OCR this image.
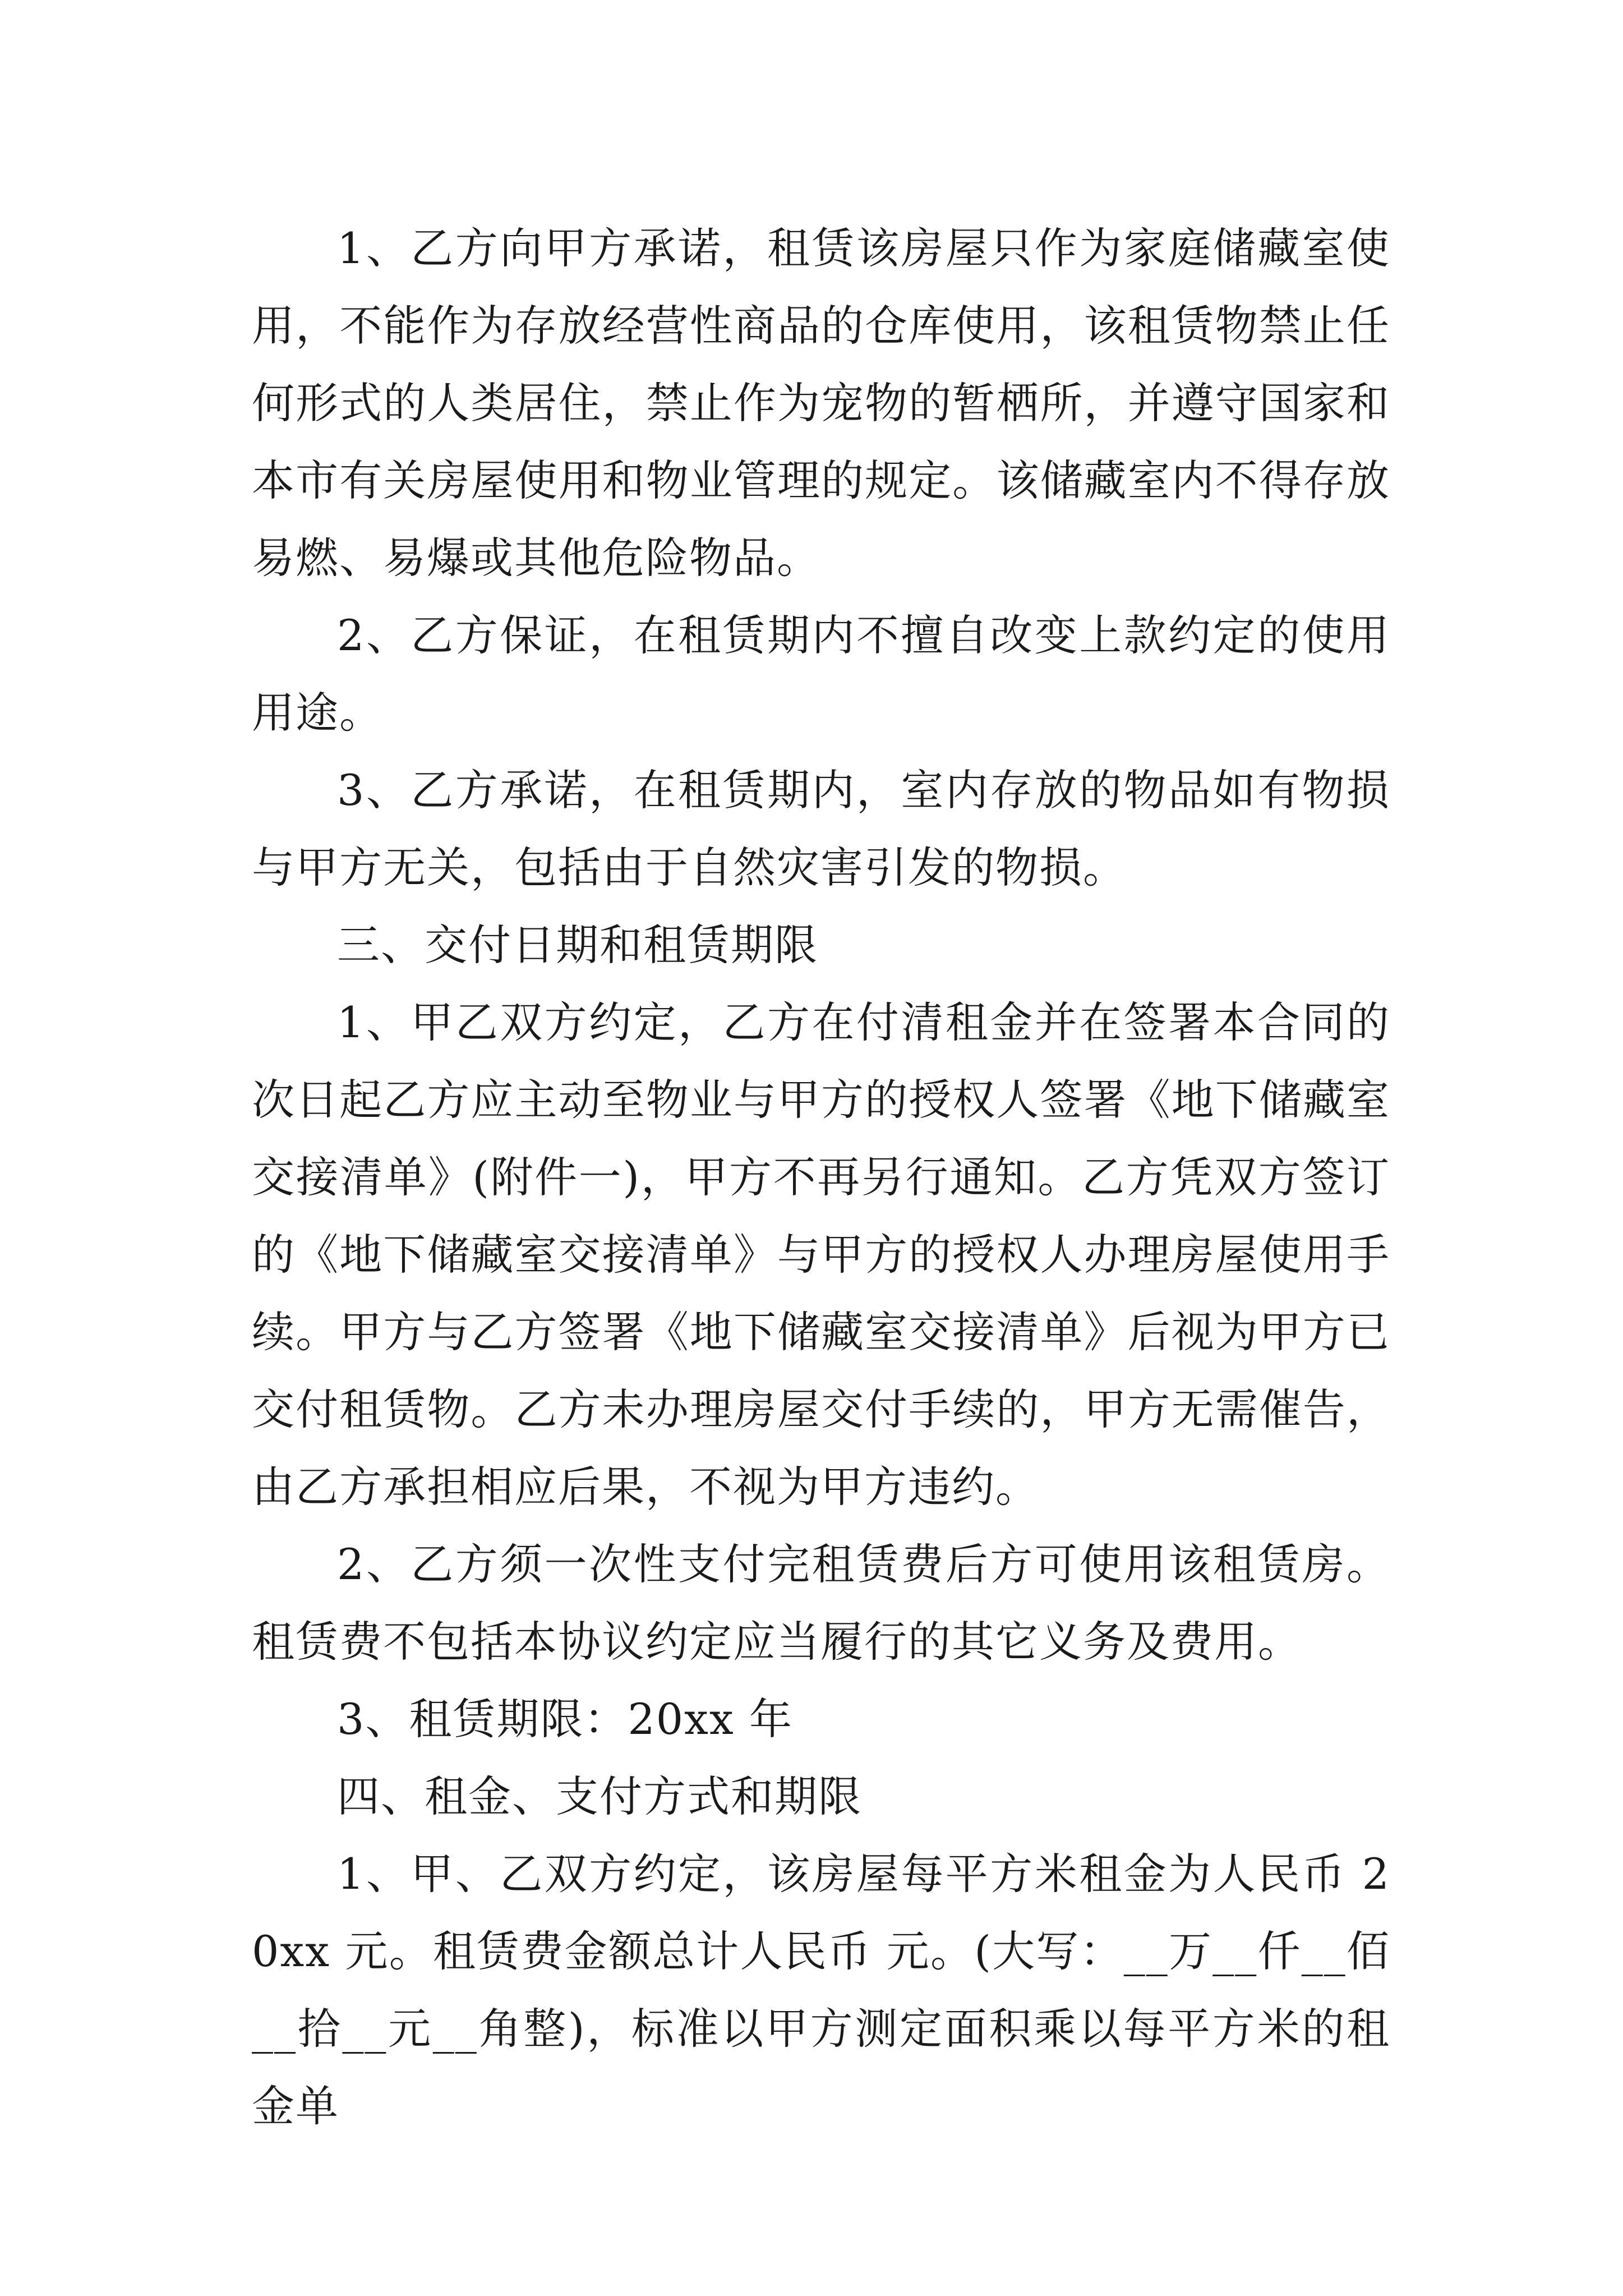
1、乙方向甲方承诺，租赁该房屋只作为家庭储藏室使用，不能作为存放经营性商品的仓库使用，该租赁物禁止任何形式的人类居住，禁止作为宠物的暂栖所，并遵守国家和本市有关房屋使用和物业管理的规定。该储藏室内不得存放易燃、易爆或其他危险物品。

2、乙方保证，在租赁期内不擅自改变上款约定的使用用途。

3、乙方承诺，在租赁期内，室内存放的物品如有物损与甲方无关，包括由于自然灾害引发的物损。

三、交付日期和租赁期限

1、甲乙双方约定，乙方在付清租金并在签署本合同的次日起乙方应主动至物业与甲方的授权人签署《地下储藏室交接清单》(附件一)，甲方不再另行通知。乙方凭双方签订的《地下储藏室交接清单》与甲方的授权人办理房屋使用手续。甲方与乙方签署《地下储藏室交接清单》后视为甲方已交付租赁物。乙方未办理房屋交付手续的，甲方无需催告，由乙方承担相应后果，不视为甲方违约。

2、乙方须一次性支付完租赁费后方可使用该租赁房。租赁费不包括本协议约定应当履行的其它义务及费用。

3、租赁期限：20xx 年

四、租金、支付方式和期限

1、甲、乙双方约定，该房屋每平方米租金为人民币 20xx 元。租赁费金额总计人民币 元。(大写：__万__仟__佰__拾__元__角整)，标准以甲方测定面积乘以每平方米的租金单
